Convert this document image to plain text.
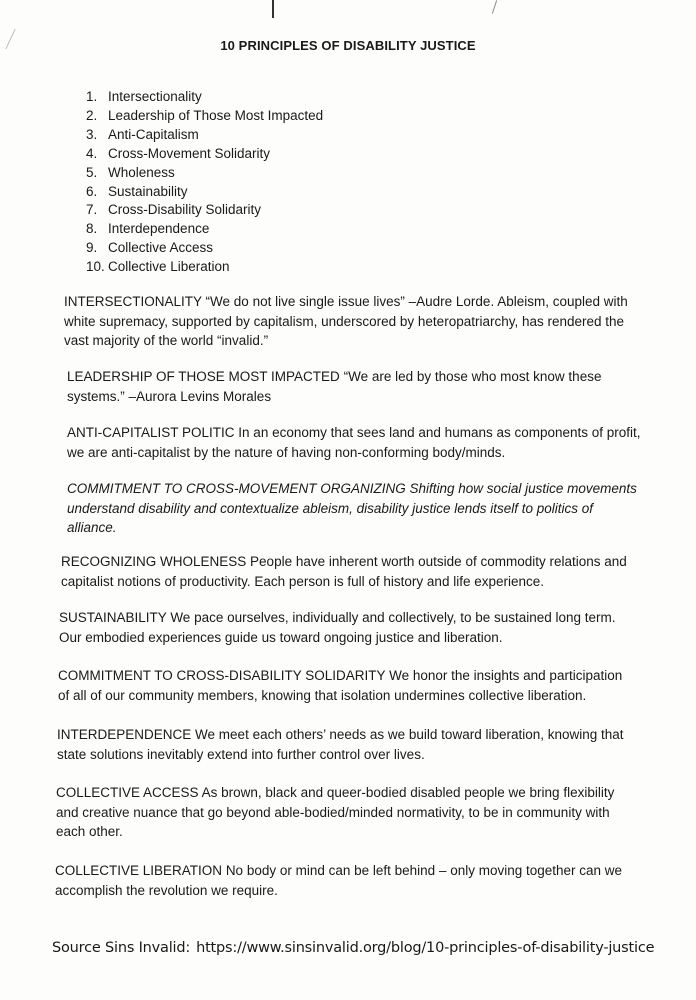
10 PRINCIPLES OF DISABILITY JUSTICE
1. Intersectionality
2. Leadership of Those Most Impacted
3. Anti-Capitalism
4. Cross-Movement Solidarity
5. Wholeness
6. Sustainability
7. Cross-Disability Solidarity
8. Interdependence
9. Collective Access
10. Collective Liberation
INTERSECTIONALITY “We do not live single issue lives” –Audre Lorde. Ableism, coupled with
white supremacy, supported by capitalism, underscored by heteropatriarchy, has rendered the
vast majority of the world “invalid.”
LEADERSHIP OF THOSE MOST IMPACTED “We are led by those who most know these
systems.” –Aurora Levins Morales
ANTI-CAPITALIST POLITIC In an economy that sees land and humans as components of profit,
we are anti-capitalist by the nature of having non-conforming body/minds.
COMMITMENT TO CROSS-MOVEMENT ORGANIZING Shifting how social justice movements
understand disability and contextualize ableism, disability justice lends itself to politics of
alliance.
RECOGNIZING WHOLENESS People have inherent worth outside of commodity relations and
capitalist notions of productivity. Each person is full of history and life experience.
SUSTAINABILITY We pace ourselves, individually and collectively, to be sustained long term.
Our embodied experiences guide us toward ongoing justice and liberation.
COMMITMENT TO CROSS-DISABILITY SOLIDARITY We honor the insights and participation
of all of our community members, knowing that isolation undermines collective liberation.
INTERDEPENDENCE We meet each others’ needs as we build toward liberation, knowing that
state solutions inevitably extend into further control over lives.
COLLECTIVE ACCESS As brown, black and queer-bodied disabled people we bring flexibility
and creative nuance that go beyond able-bodied/minded normativity, to be in community with
each other.
COLLECTIVE LIBERATION No body or mind can be left behind – only moving together can we
accomplish the revolution we require.
Source Sins Invalid: https://www.sinsinvalid.org/blog/10-principles-of-disability-justice
